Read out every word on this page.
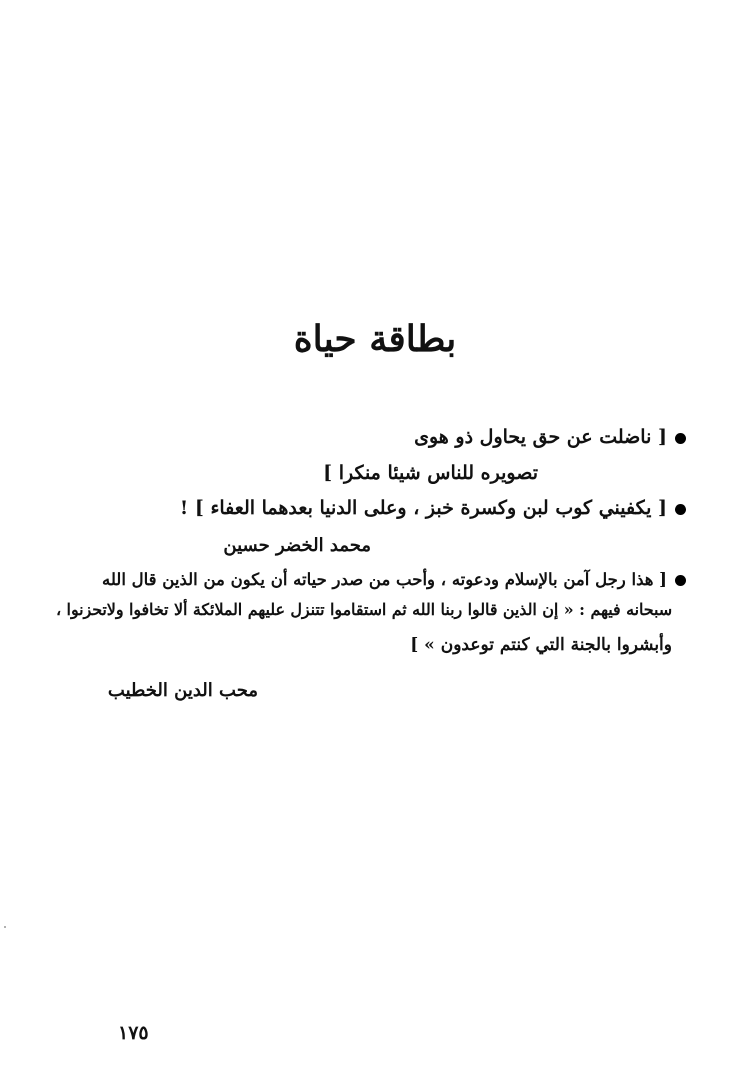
بطاقة حياة
[ ناضلت عن حق يحاول ذو هوى
تصويره للناس شيئا منكرا ]
[ يكفيني كوب لبن وكسرة خبز ، وعلى الدنيا بعدهما العفاء ] !
محمد الخضر حسين
[ هذا رجل آمن بالإسلام ودعوته ، وأحب من صدر حياته أن يكون من الذين قال الله
سبحانه فيهم : « إن الذين قالوا ربنا الله ثم استقاموا تتنزل عليهم الملائكة ألا تخافوا ولاتحزنوا ،
وأبشروا بالجنة التي كنتم توعدون » ]
محب الدين الخطيب
١٧٥
